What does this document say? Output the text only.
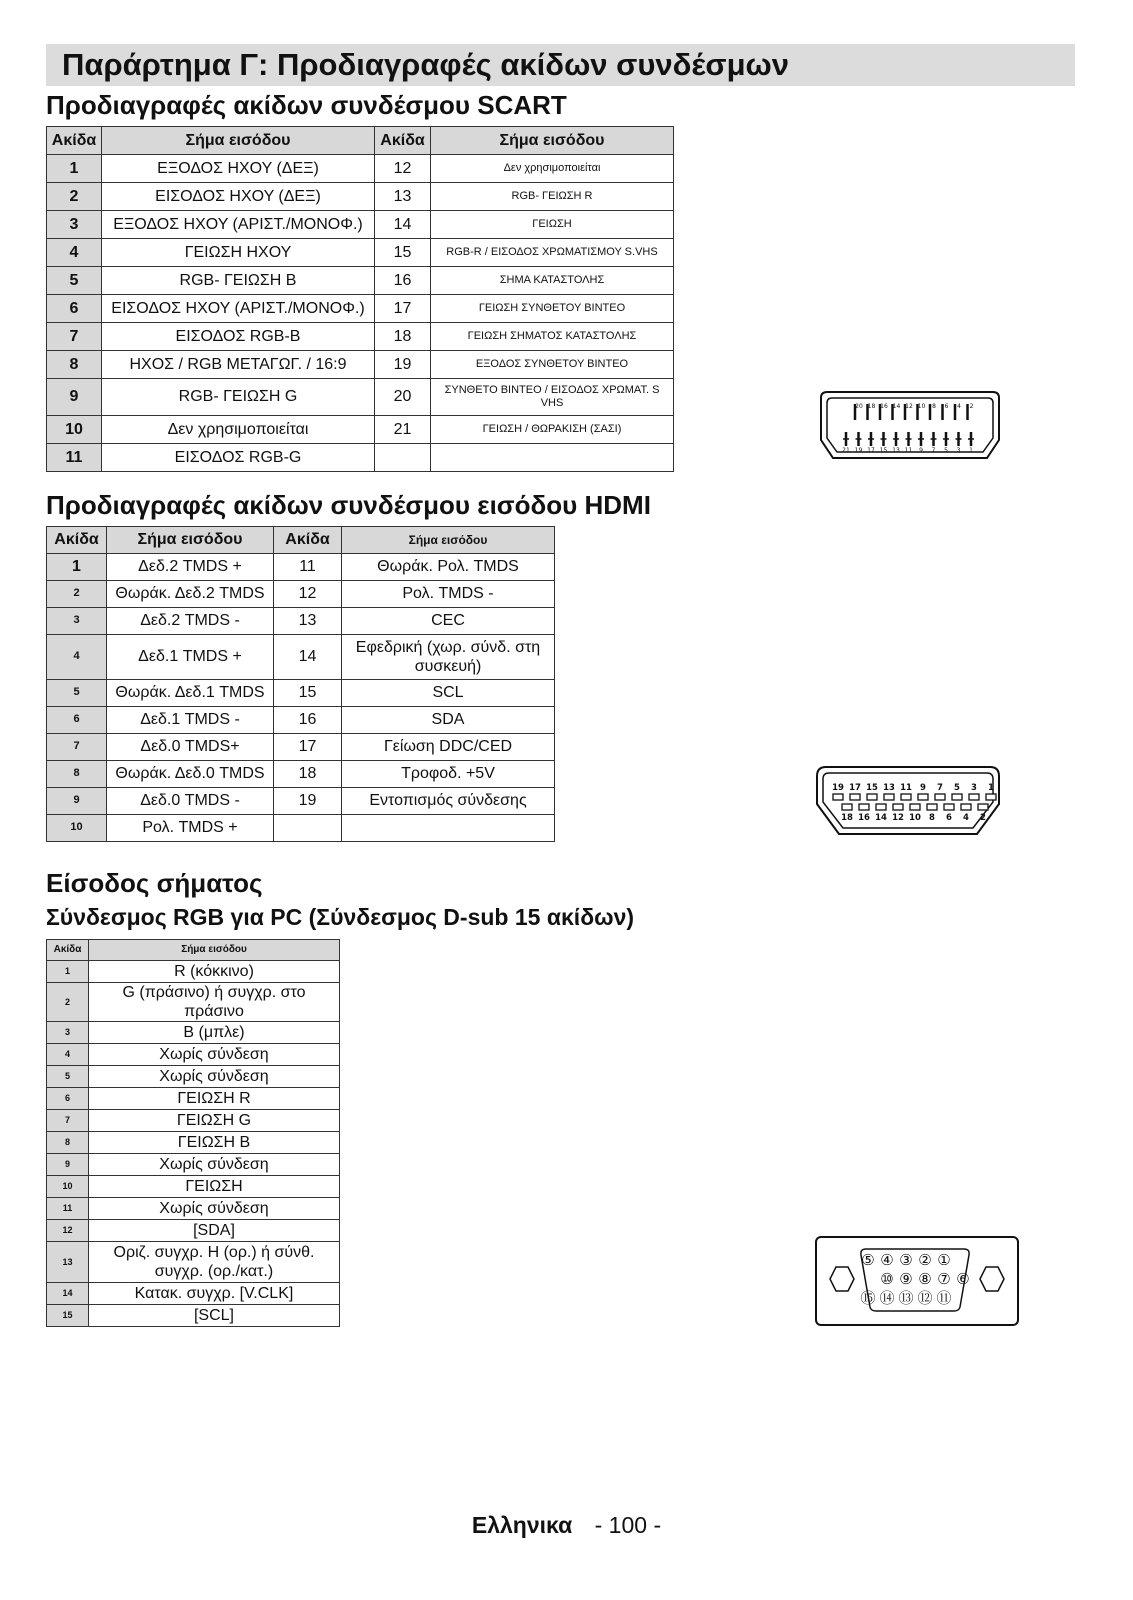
Παράρτημα Γ: Προδιαγραφές ακίδων συνδέσμων
Προδιαγραφές ακίδων συνδέσμου SCART
Ακίδα	Σήμα εισόδου	Ακίδα	Σήμα εισόδου
1	ΕΞΟΔΟΣ ΗΧΟΥ (ΔΕΞ)	12	Δεν χρησιμοποιείται
2	ΕΙΣΟΔΟΣ ΗΧΟΥ (ΔΕΞ)	13	RGB- ΓΕΙΩΣΗ R
3	ΕΞΟΔΟΣ ΗΧΟΥ (ΑΡΙΣΤ./ΜΟΝΟΦ.)	14	ΓΕΙΩΣΗ
4	ΓΕΙΩΣΗ ΗΧΟΥ	15	RGB-R / ΕΙΣΟΔΟΣ ΧΡΩΜΑΤΙΣΜΟΥ S.VHS
5	RGB- ΓΕΙΩΣΗ B	16	ΣΗΜΑ ΚΑΤΑΣΤΟΛΗΣ
6	ΕΙΣΟΔΟΣ ΗΧΟΥ (ΑΡΙΣΤ./ΜΟΝΟΦ.)	17	ΓΕΙΩΣΗ ΣΥΝΘΕΤΟΥ ΒΙΝΤΕΟ
7	ΕΙΣΟΔΟΣ RGB-B	18	ΓΕΙΩΣΗ ΣΗΜΑΤΟΣ ΚΑΤΑΣΤΟΛΗΣ
8	ΗΧΟΣ / RGB ΜΕΤΑΓΩΓ. / 16:9	19	ΕΞΟΔΟΣ ΣΥΝΘΕΤΟΥ ΒΙΝΤΕΟ
9	RGB- ΓΕΙΩΣΗ G	20	ΣΥΝΘΕΤΟ ΒΙΝΤΕΟ / ΕΙΣΟΔΟΣ ΧΡΩΜΑΤ. S VHS
10	Δεν χρησιμοποιείται	21	ΓΕΙΩΣΗ / ΘΩΡΑΚΙΣΗ (ΣΑΣΙ)
11	ΕΙΣΟΔΟΣ RGB-G		
20 18 16 14 12 10 8 6 4 2
21 19 17 15 13 11 9 7 5 3 1
Προδιαγραφές ακίδων συνδέσμου εισόδου HDMI
Ακίδα	Σήμα εισόδου	Ακίδα	Σήμα εισόδου
1	Δεδ.2 TMDS +	11	Θωράκ. Ρολ. TMDS
2	Θωράκ. Δεδ.2 TMDS	12	Ρολ. TMDS -
3	Δεδ.2 TMDS -	13	CEC
4	Δεδ.1 TMDS +	14	Εφεδρική (χωρ. σύνδ. στη συσκευή)
5	Θωράκ. Δεδ.1 TMDS	15	SCL
6	Δεδ.1 TMDS -	16	SDA
7	Δεδ.0 TMDS+	17	Γείωση DDC/CED
8	Θωράκ. Δεδ.0 TMDS	18	Τροφοδ. +5V
9	Δεδ.0 TMDS -	19	Εντοπισμός σύνδεσης
10	Ρολ. TMDS +		
19 17 15 13 11 9 7 5 3 1
18 16 14 12 10 8 6 4 2
Είσοδος σήματος
Σύνδεσμος RGB για PC (Σύνδεσμος D-sub 15 ακίδων)
Ακίδα	Σήμα εισόδου
1	R (κόκκινο)
2	G (πράσινο) ή συγχρ. στο πράσινο
3	B (μπλε)
4	Χωρίς σύνδεση
5	Χωρίς σύνδεση
6	ΓΕΙΩΣΗ R
7	ΓΕΙΩΣΗ G
8	ΓΕΙΩΣΗ B
9	Χωρίς σύνδεση
10	ΓΕΙΩΣΗ
11	Χωρίς σύνδεση
12	[SDA]
13	Οριζ. συγχρ. H (ορ.) ή σύνθ. συγχρ. (ορ./κατ.)
14	Κατακ. συγχρ. [V.CLK]
15	[SCL]
⑤ ④ ③ ② ①
⑩ ⑨ ⑧ ⑦ ⑥
⑮ ⑭ ⑬ ⑫ ⑪
Ελληνικα - 100 -
